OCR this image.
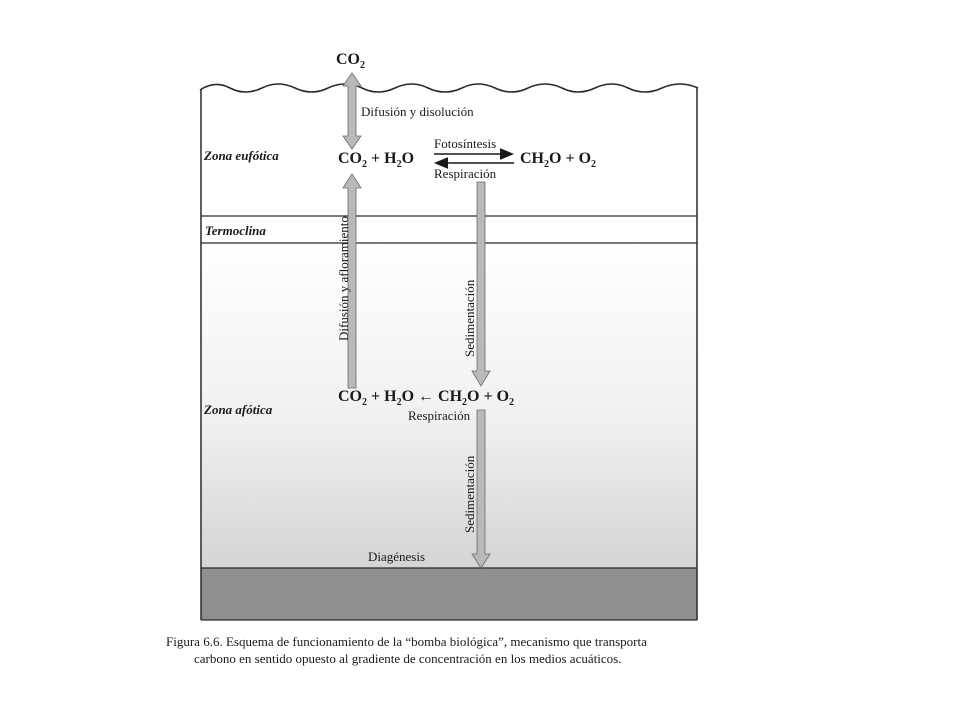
$CO_2$
Difusión y disolución
Zona eufótica
Termoclina
Zona afótica
$CO_2 + H_2O$
Fotosíntesis
Respiración
$CH_2O + O_2$
Difusión y afloramiento	Sedimentación
$CO_2 + H_2O$ ← $CH_2O + O_2$
Respiración
Sedimentación
Diagénesis
Figura 6.6. Esquema de funcionamiento de la “bomba biológica”, mecanismo que transporta
carbono en sentido opuesto al gradiente de concentración en los medios acuáticos.
